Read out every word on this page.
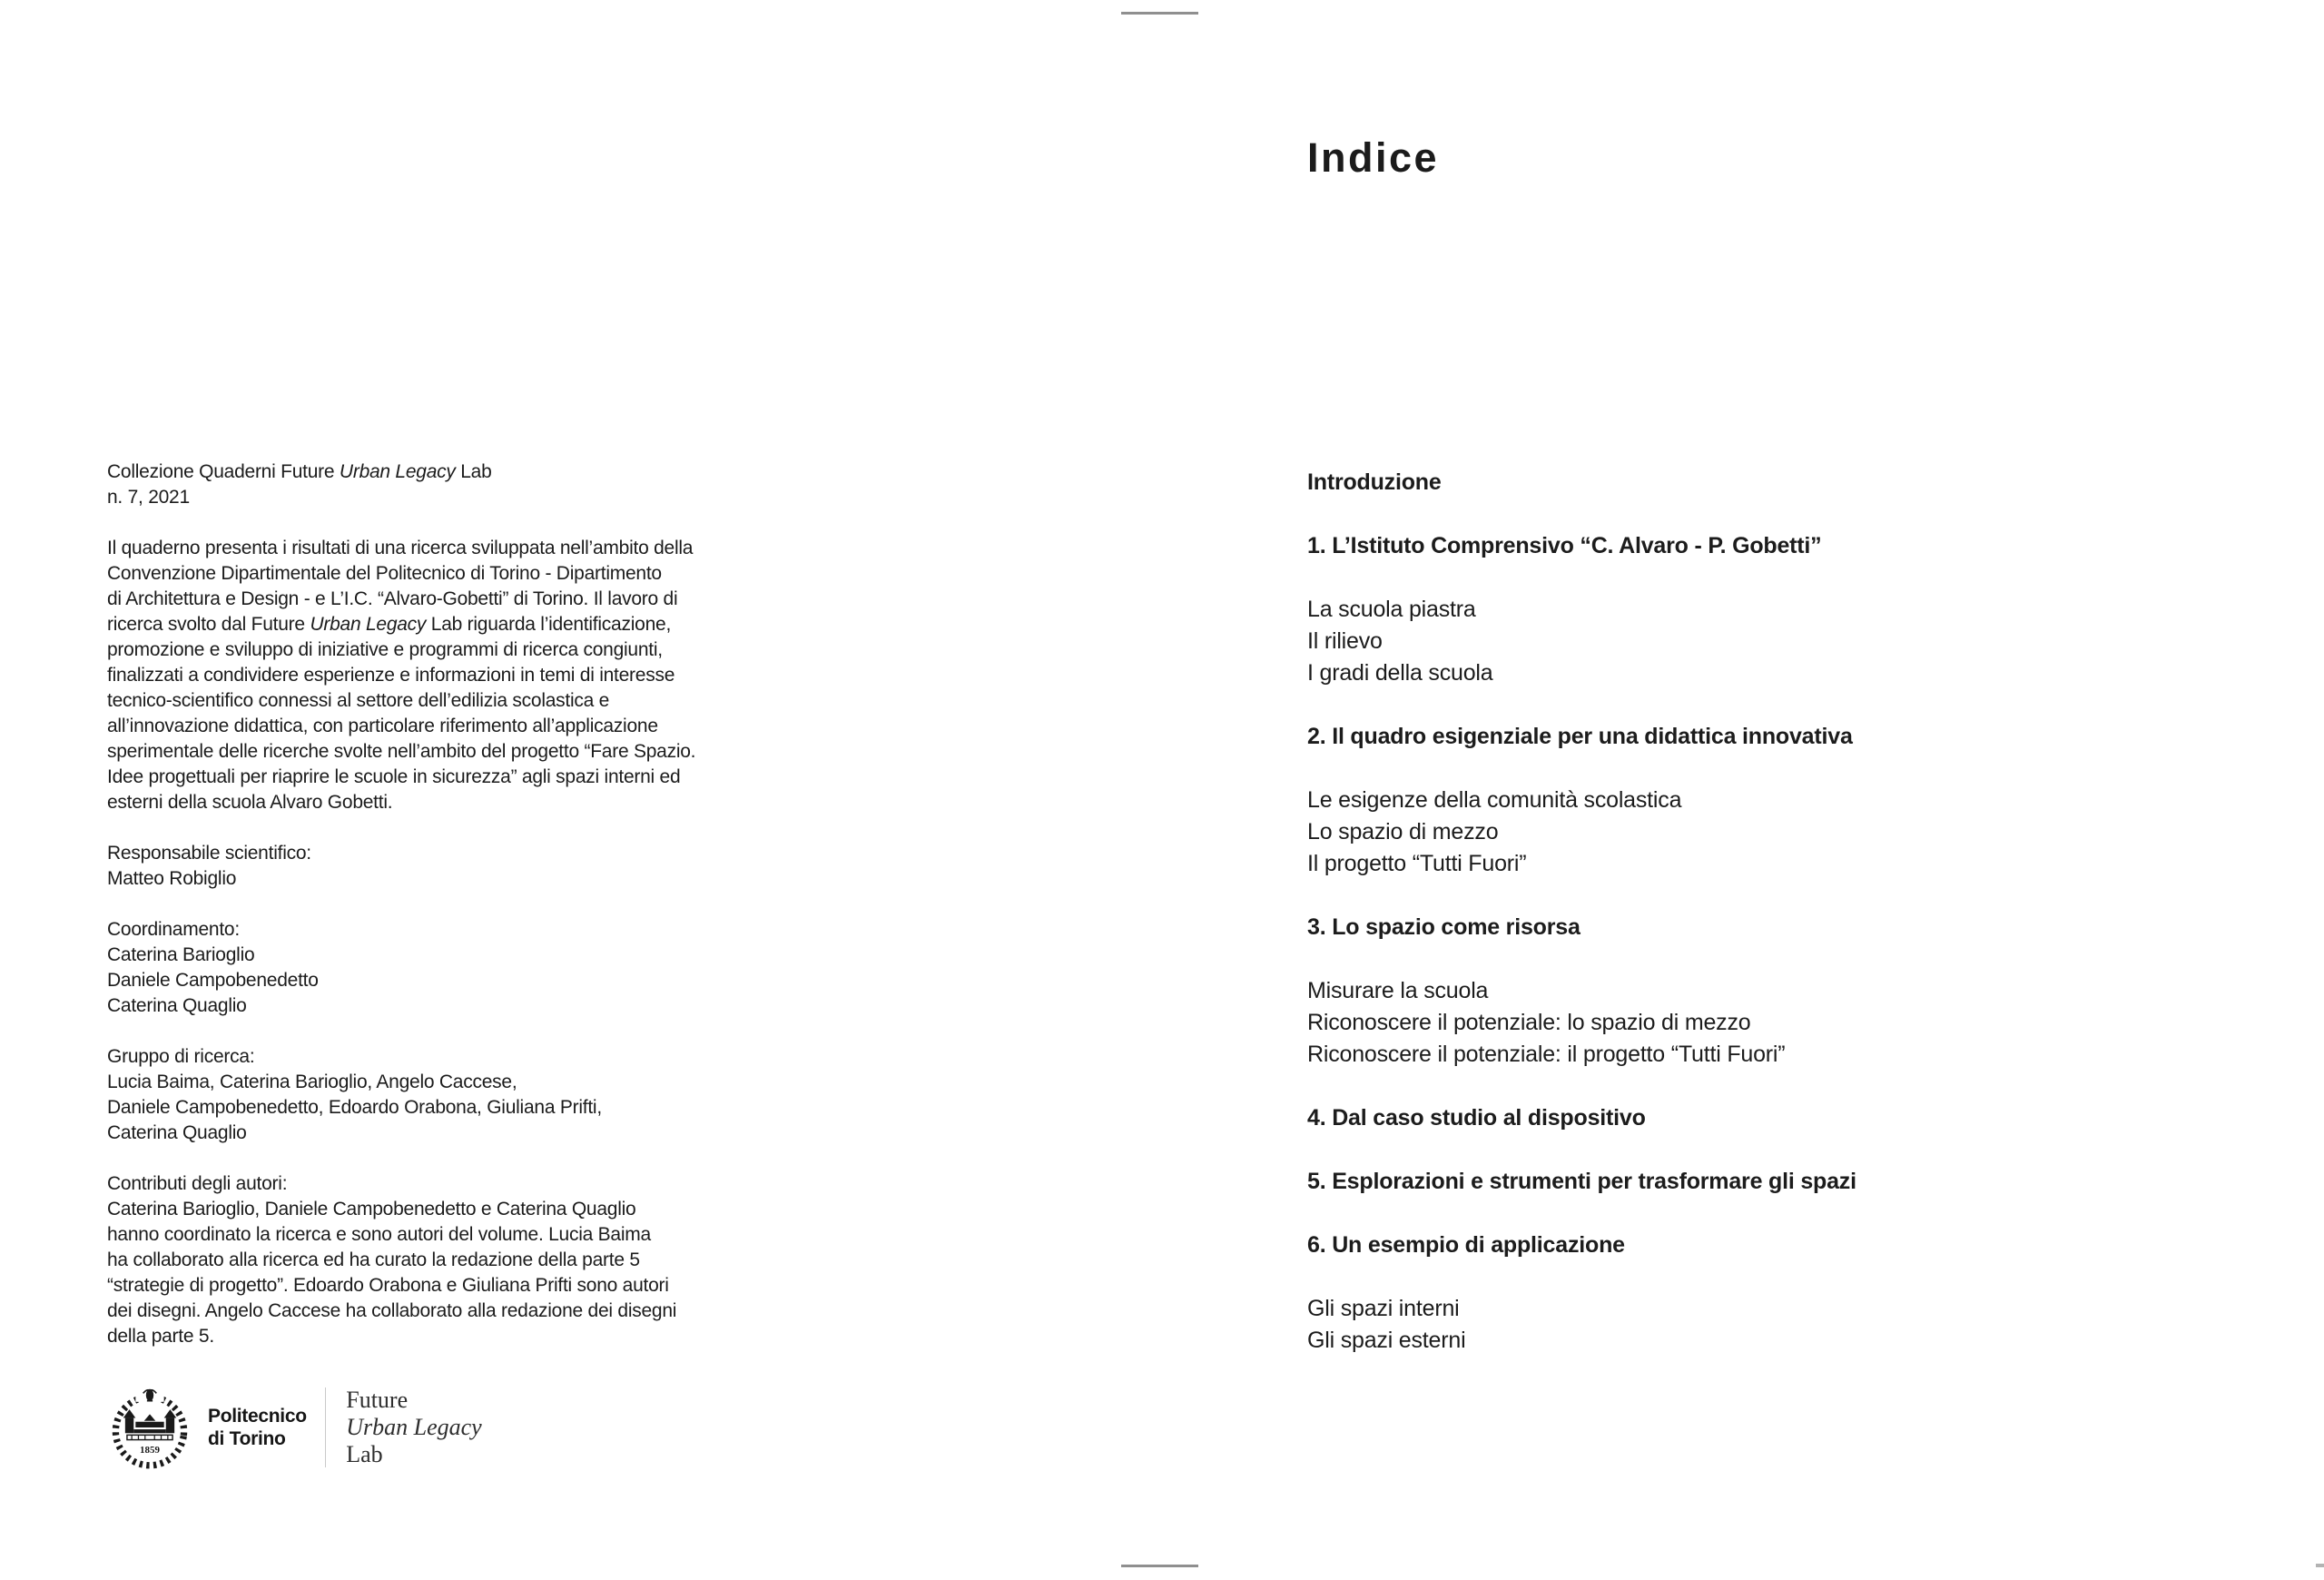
Collezione Quaderni Future Urban Legacy Lab
n. 7, 2021
Il quaderno presenta i risultati di una ricerca sviluppata nell’ambito della
Convenzione Dipartimentale del Politecnico di Torino - Dipartimento
di Architettura e Design - e L’I.C. “Alvaro-Gobetti” di Torino. Il lavoro di
ricerca svolto dal Future Urban Legacy Lab riguarda l’identificazione,
promozione e sviluppo di iniziative e programmi di ricerca congiunti,
finalizzati a condividere esperienze e informazioni in temi di interesse
tecnico-scientifico connessi al settore dell’edilizia scolastica e
all’innovazione didattica, con particolare riferimento all’applicazione
sperimentale delle ricerche svolte nell’ambito del progetto “Fare Spazio.
Idee progettuali per riaprire le scuole in sicurezza” agli spazi interni ed
esterni della scuola Alvaro Gobetti.
Responsabile scientifico:
Matteo Robiglio
Coordinamento:
Caterina Barioglio
Daniele Campobenedetto
Caterina Quaglio
Gruppo di ricerca:
Lucia Baima, Caterina Barioglio, Angelo Caccese,
Daniele Campobenedetto, Edoardo Orabona, Giuliana Prifti,
Caterina Quaglio
Contributi degli autori:
Caterina Barioglio, Daniele Campobenedetto e Caterina Quaglio
hanno coordinato la ricerca e sono autori del volume. Lucia Baima
ha collaborato alla ricerca ed ha curato la redazione della parte 5
“strategie di progetto”. Edoardo Orabona e Giuliana Prifti sono autori
dei disegni. Angelo Caccese ha collaborato alla redazione dei disegni
della parte 5.
1859
Politecnico
di Torino
Future
Urban Legacy
Lab
Indice
Introduzione
1. L’Istituto Comprensivo “C. Alvaro - P. Gobetti”
La scuola piastra
Il rilievo
I gradi della scuola
2. Il quadro esigenziale per una didattica innovativa
Le esigenze della comunità scolastica
Lo spazio di mezzo
Il progetto “Tutti Fuori”
3. Lo spazio come risorsa
Misurare la scuola
Riconoscere il potenziale: lo spazio di mezzo
Riconoscere il potenziale: il progetto “Tutti Fuori”
4. Dal caso studio al dispositivo
5. Esplorazioni e strumenti per trasformare gli spazi
6. Un esempio di applicazione
Gli spazi interni
Gli spazi esterni
